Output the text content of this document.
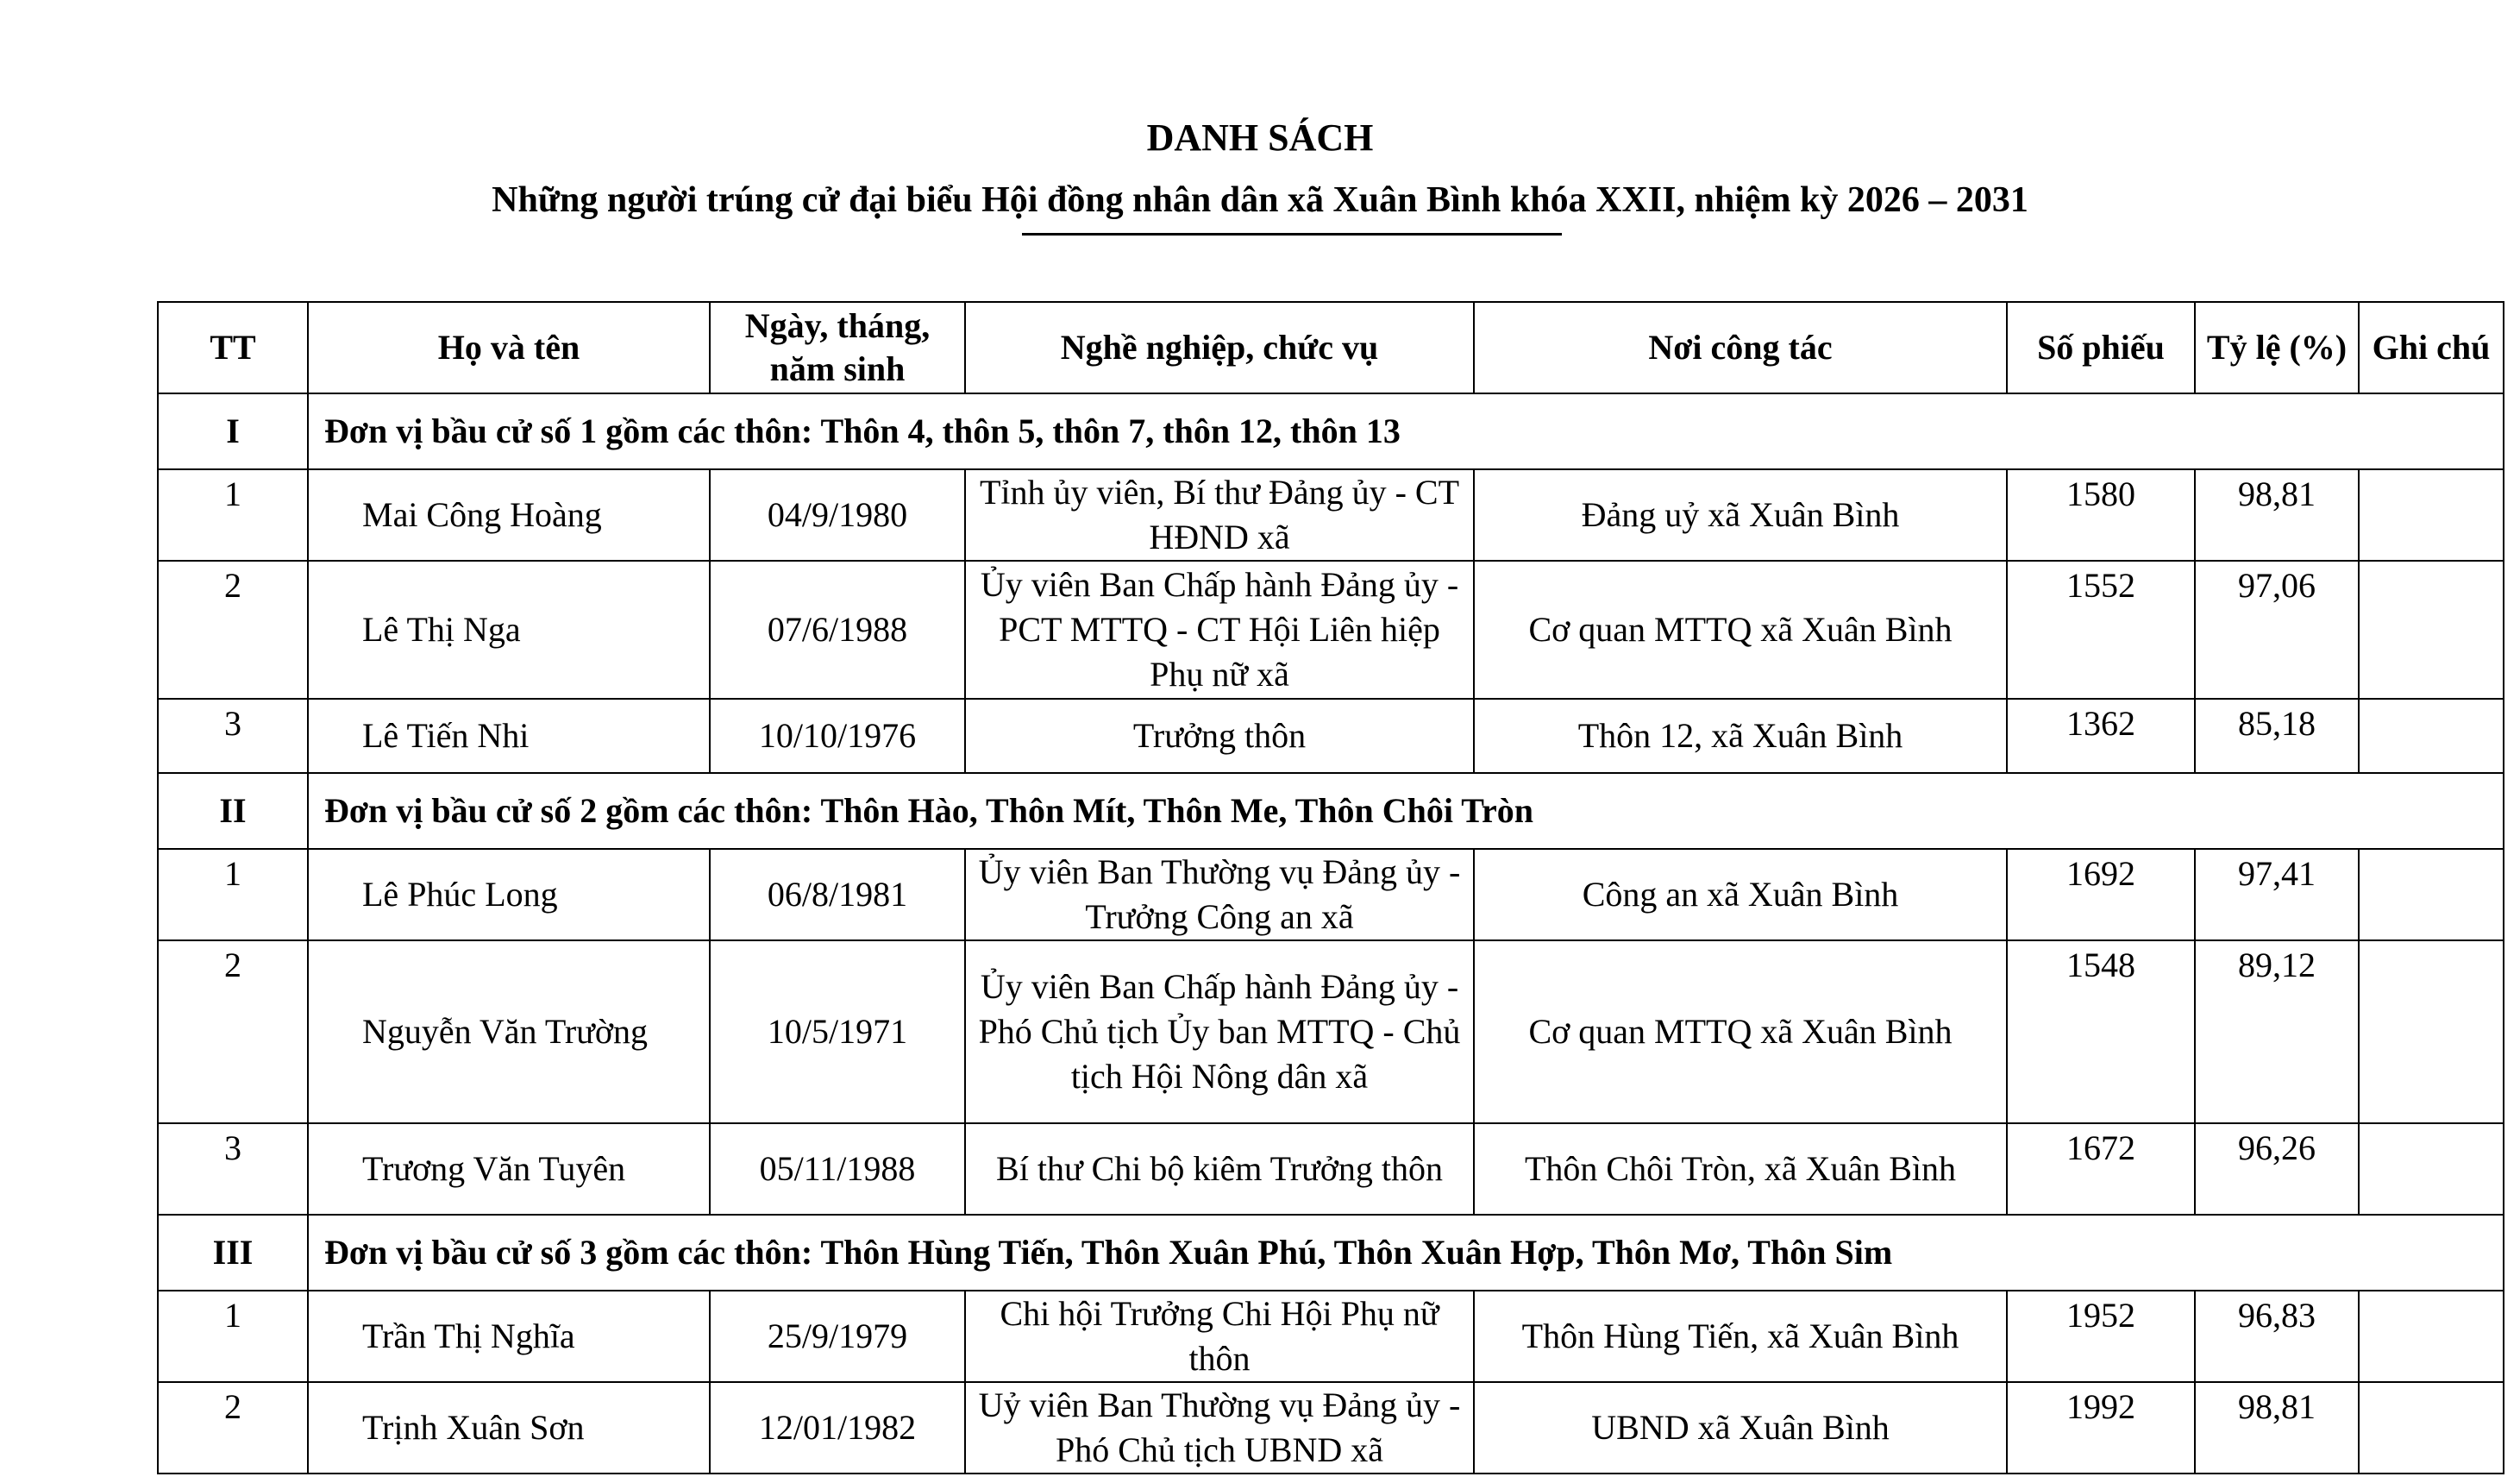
DANH SÁCH
Những người trúng cử đại biểu Hội đồng nhân dân xã Xuân Bình khóa XXII, nhiệm kỳ 2026 – 2031
TT	Họ và tên	Ngày, tháng, năm sinh	Nghề nghiệp, chức vụ	Nơi công tác	Số phiếu	Tỷ lệ (%)	Ghi chú
I	Đơn vị bầu cử số 1 gồm các thôn: Thôn 4, thôn 5, thôn 7, thôn 12, thôn 13						
1	Mai Công Hoàng	04/9/1980	Tỉnh ủy viên, Bí thư Đảng ủy - CT HĐND xã	Đảng uỷ xã Xuân Bình	1580	98,81	
2	Lê Thị Nga	07/6/1988	Ủy viên Ban Chấp hành Đảng ủy - PCT MTTQ - CT Hội Liên hiệp Phụ nữ xã	Cơ quan MTTQ xã Xuân Bình	1552	97,06	
3	Lê Tiến Nhi	10/10/1976	Trưởng thôn	Thôn 12, xã Xuân Bình	1362	85,18	
II	Đơn vị bầu cử số 2 gồm các thôn: Thôn Hào, Thôn Mít, Thôn Me, Thôn Chôi Tròn						
1	Lê Phúc Long	06/8/1981	Ủy viên Ban Thường vụ Đảng ủy - Trưởng Công an xã	Công an xã Xuân Bình	1692	97,41	
2	Nguyễn Văn Trường	10/5/1971	Ủy viên Ban Chấp hành Đảng ủy - Phó Chủ tịch Ủy ban MTTQ - Chủ tịch Hội Nông dân xã	Cơ quan MTTQ xã Xuân Bình	1548	89,12	
3	Trương Văn Tuyên	05/11/1988	Bí thư Chi bộ kiêm Trưởng thôn	Thôn Chôi Tròn, xã Xuân Bình	1672	96,26	
III	Đơn vị bầu cử số 3 gồm các thôn: Thôn Hùng Tiến, Thôn Xuân Phú, Thôn Xuân Hợp, Thôn Mơ, Thôn Sim						
1	Trần Thị Nghĩa	25/9/1979	Chi hội Trưởng Chi Hội Phụ nữ thôn	Thôn Hùng Tiến, xã Xuân Bình	1952	96,83	
2	Trịnh Xuân Sơn	12/01/1982	Uỷ viên Ban Thường vụ Đảng ủy - Phó Chủ tịch UBND xã	UBND xã Xuân Bình	1992	98,81	
